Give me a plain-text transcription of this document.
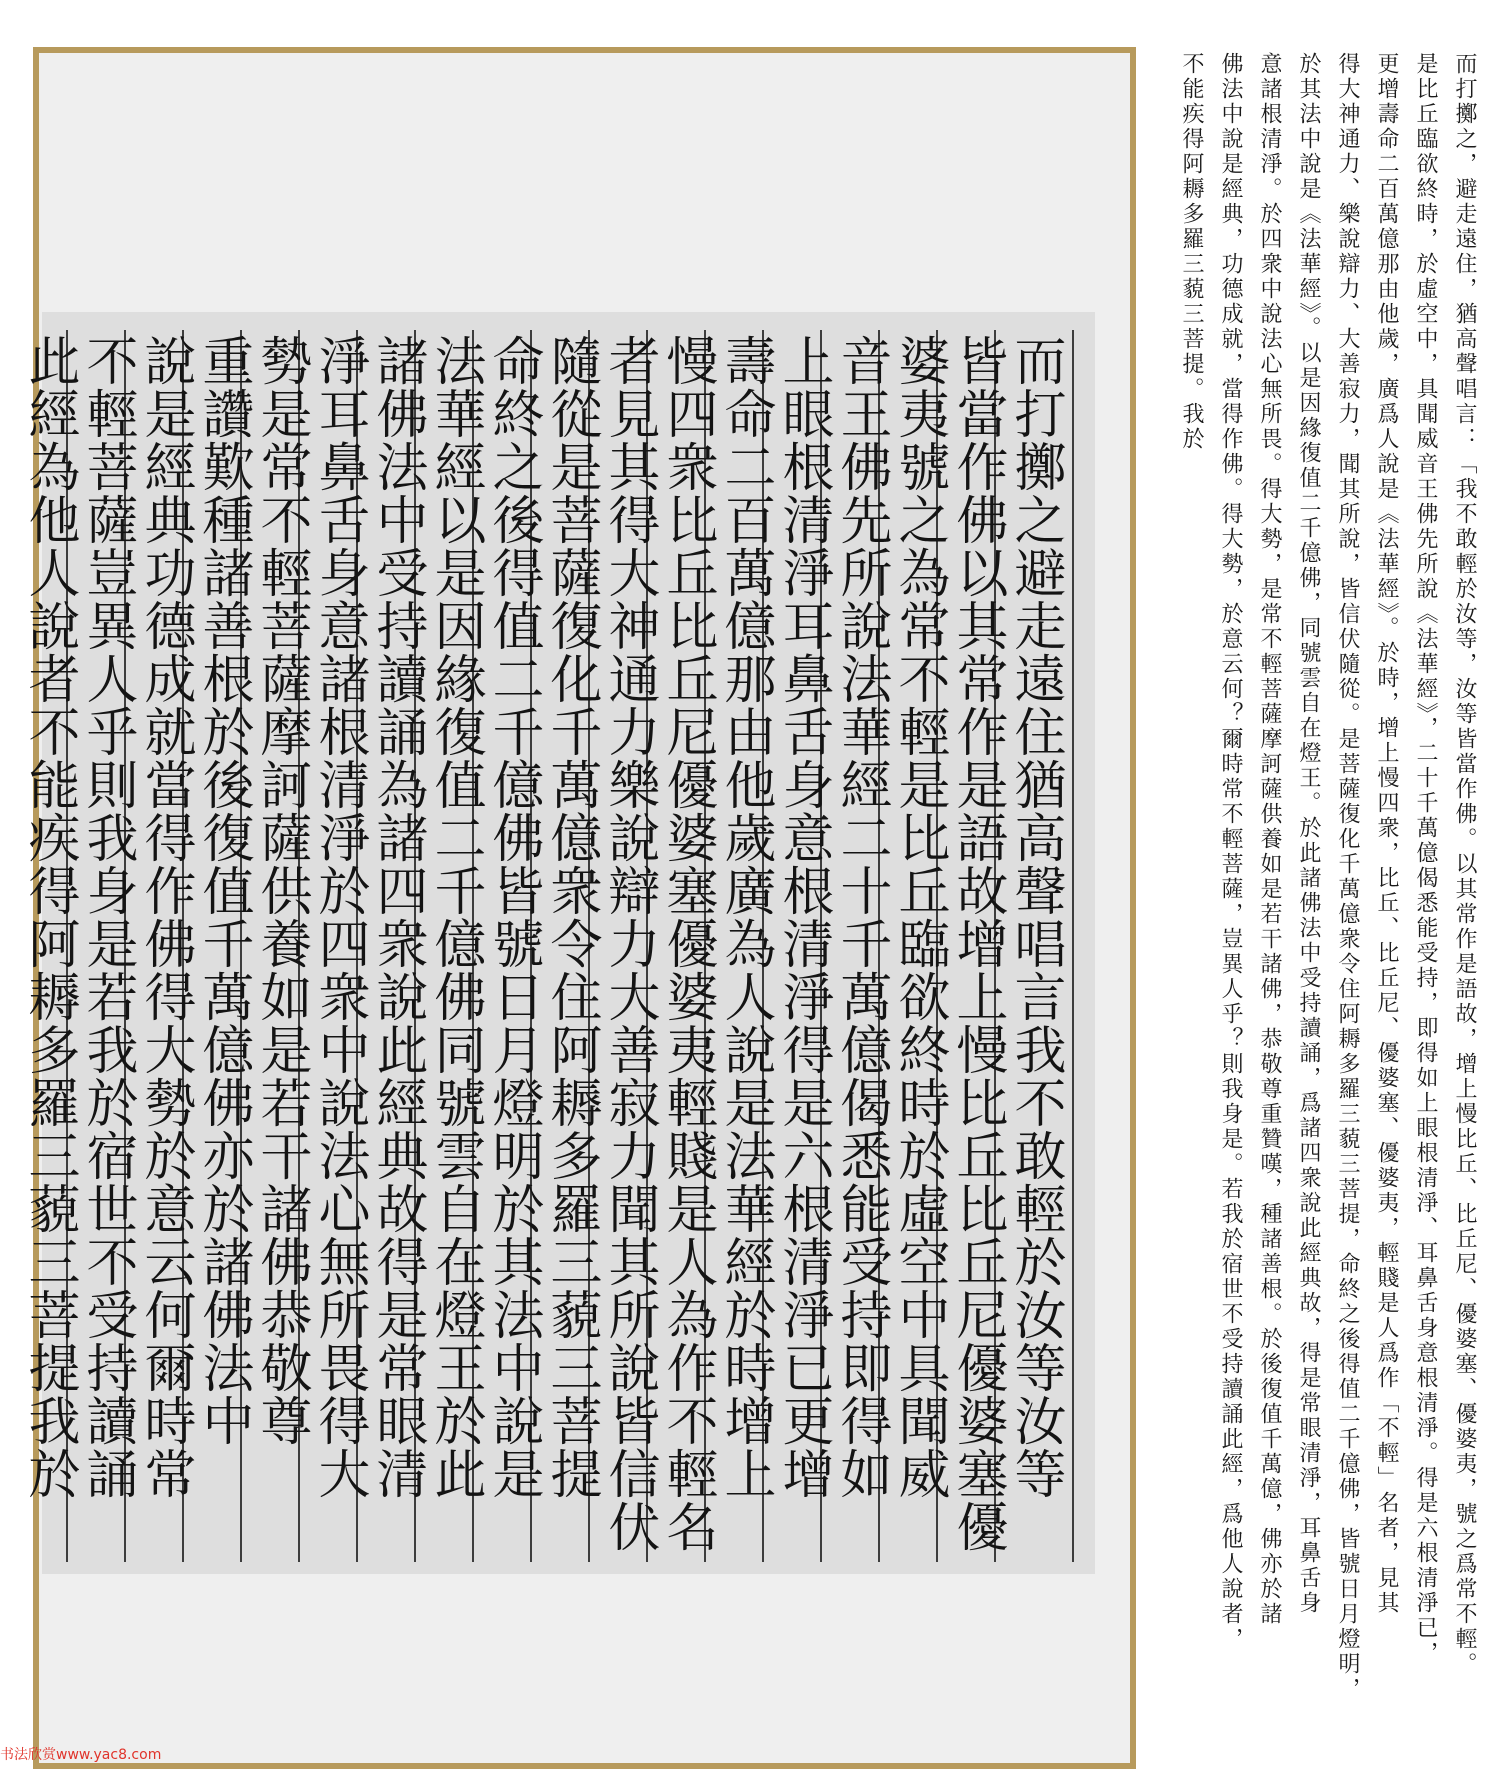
而打擲之避走遠住猶高聲唱言我不敢輕於汝等汝等
皆當作佛以其常作是語故增上慢比丘比丘尼優婆塞優
婆夷號之為常不輕是比丘臨欲終時於虛空中具聞威
音王佛先所說法華經二十千萬億偈悉能受持即得如
上眼根清淨耳鼻舌身意根清淨得是六根清淨已更增
壽命二百萬億那由他歲廣為人說是法華經於時增上
慢四衆比丘比丘尼優婆塞優婆夷輕賤是人為作不輕名
者見其得大神通力樂說辯力大善寂力聞其所說皆信伏
隨從是菩薩復化千萬億衆令住阿耨多羅三藐三菩提
命終之後得值二千億佛皆號日月燈明於其法中說是
法華經以是因緣復值二千億佛同號雲自在燈王於此
諸佛法中受持讀誦為諸四衆說此經典故得是常眼清
淨耳鼻舌身意諸根清淨於四衆中說法心無所畏得大
勢是常不輕菩薩摩訶薩供養如是若干諸佛恭敬尊
重讚歎種諸善根於後復值千萬億佛亦於諸佛法中
說是經典功德成就當得作佛得大勢於意云何爾時常
不輕菩薩豈異人乎則我身是若我於宿世不受持讀誦
此經為他人說者不能疾得阿耨多羅三藐三菩提我於	而打擲之，避走遠住，猶高聲唱言：「我不敢輕於汝等，汝等皆當作佛。以其常作是語故，增上慢比丘、比丘尼、優婆塞、優婆夷，號之爲常不輕。
是比丘臨欲終時，於虛空中，具聞威音王佛先所說《法華經》，二十千萬億偈悉能受持，即得如上眼根清淨、耳鼻舌身意根清淨。得是六根清淨已，
更增壽命二百萬億那由他歲，廣爲人說是《法華經》。於時，增上慢四衆，比丘、比丘尼、優婆塞、優婆夷，輕賤是人爲作「不輕」名者，見其
得大神通力、樂說辯力、大善寂力，聞其所說，皆信伏隨從。是菩薩復化千萬億衆令住阿耨多羅三藐三菩提，命終之後得值二千億佛，皆號日月燈明，
於其法中說是《法華經》。以是因緣復值二千億佛，同號雲自在燈王。於此諸佛法中受持讀誦，爲諸四衆說此經典故，得是常眼清淨，耳鼻舌身
意諸根清淨。於四衆中說法心無所畏。得大勢，是常不輕菩薩摩訶薩供養如是若干諸佛，恭敬尊重贊嘆，種諸善根。於後復值千萬億，佛亦於諸
佛法中說是經典，功德成就，當得作佛。得大勢，於意云何？爾時常不輕菩薩，豈異人乎？則我身是。若我於宿世不受持讀誦此經，爲他人說者，
不能疾得阿耨多羅三藐三菩提。我於
书法欣赏www.yac8.com
